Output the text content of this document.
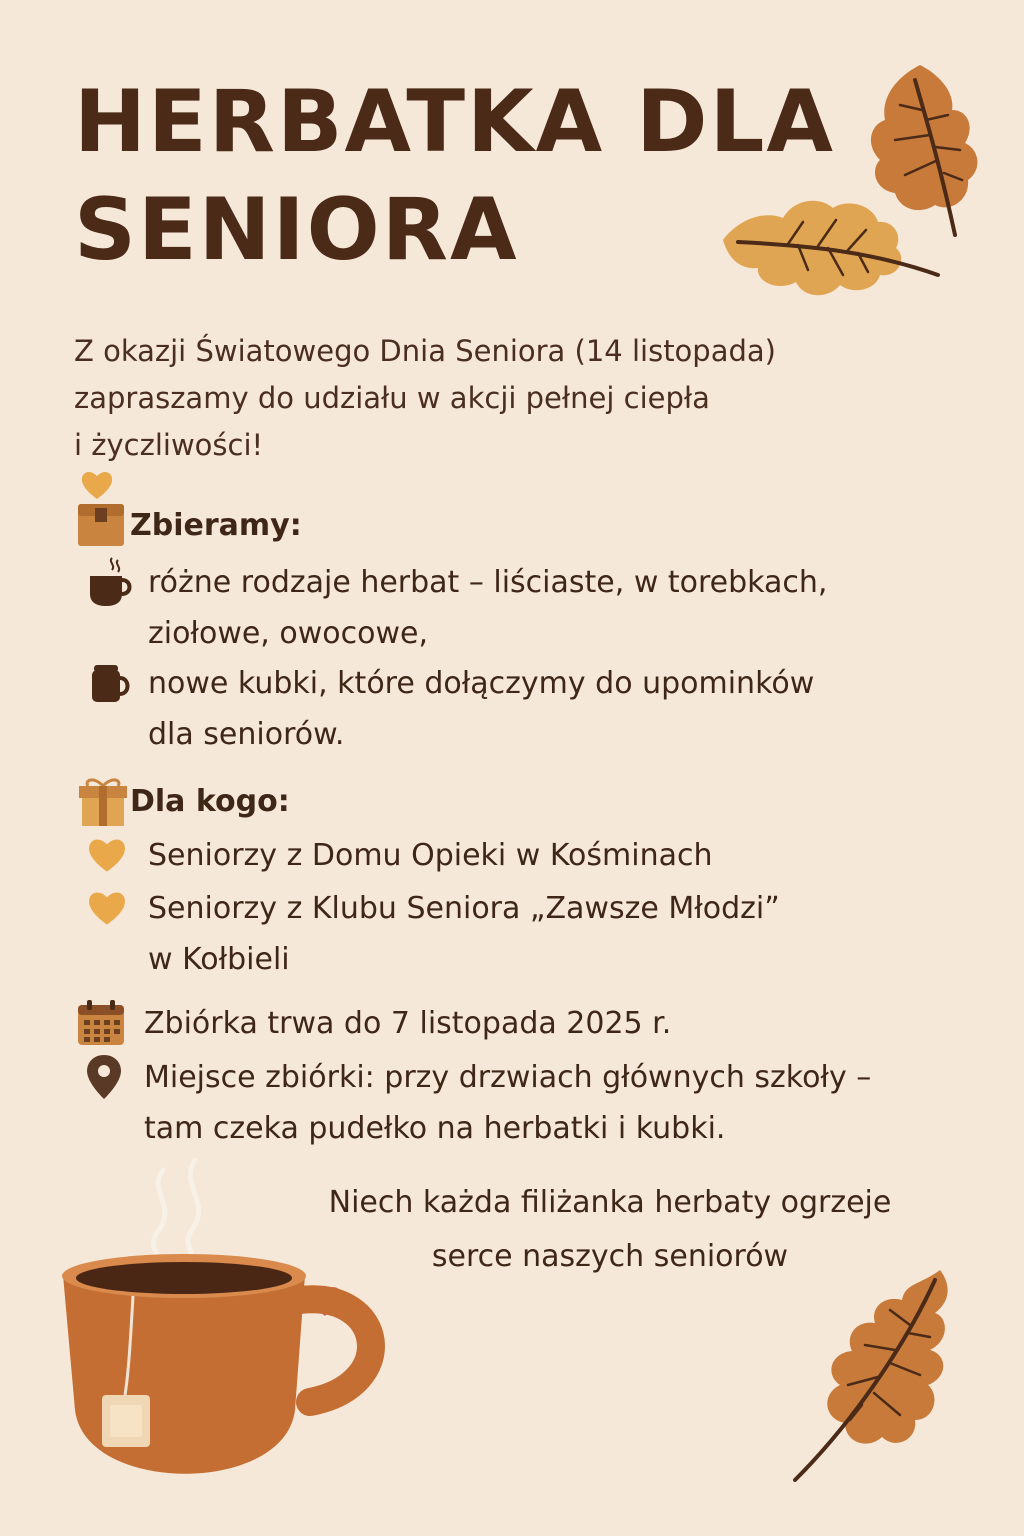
HERBATKA DLA
SENIORA
Z okazji Światowego Dnia Seniora (14 listopada)
zapraszamy do udziału w akcji pełnej ciepła
i życzliwości!
Zbieramy:
różne rodzaje herbat – liściaste, w torebkach,
ziołowe, owocowe,
nowe kubki, które dołączymy do upominków
dla seniorów.
Dla kogo:
Seniorzy z Domu Opieki w Kośminach
Seniorzy z Klubu Seniora „Zawsze Młodzi”
w Kołbieli
Zbiórka trwa do 7 listopada 2025 r.
Miejsce zbiórki: przy drzwiach głównych szkoły –
tam czeka pudełko na herbatki i kubki.
Niech każda filiżanka herbaty ogrzeje
serce naszych seniorów
